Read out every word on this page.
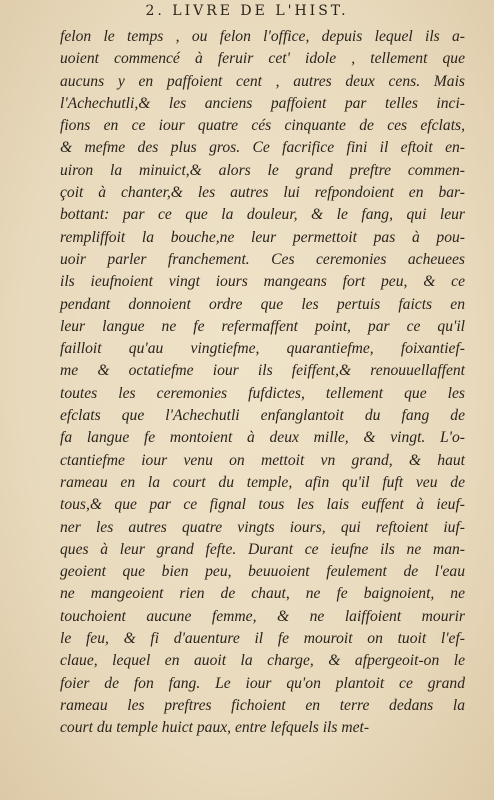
2. LIVRE DE L'HIST.
felon le temps , ou felon l'office, depuis lequel ils a-
uoient commencé à feruir cet' idole , tellement que
aucuns y en paffoient cent , autres deux cens. Mais
l'Achechutli,& les anciens paffoient par telles inci-
fions en ce iour quatre cés cinquante de ces efclats,
& mefme des plus gros. Ce facrifice fini il eftoit en-
uiron la minuict,& alors le grand preftre commen-
çoit à chanter,& les autres lui refpondoient en bar-
bottant: par ce que la douleur, & le fang, qui leur
rempliffoit la bouche,ne leur permettoit pas à pou-
uoir parler franchement. Ces ceremonies acheuees
ils ieufnoient vingt iours mangeans fort peu, & ce
pendant donnoient ordre que les pertuis faicts en
leur langue ne fe refermaffent point, par ce qu'il
failloit qu'au vingtiefme, quarantiefme, foixantief-
me & octatiefme iour ils feiffent,& renouuellaffent
toutes les ceremonies fufdictes, tellement que les
efclats que l'Achechutli enfanglantoit du fang de
fa langue fe montoient à deux mille, & vingt. L'o-
ctantiefme iour venu on mettoit vn grand, & haut
rameau en la court du temple, afin qu'il fuft veu de
tous,& que par ce fignal tous les lais euffent à ieuf-
ner les autres quatre vingts iours, qui reftoient iuf-
ques à leur grand fefte. Durant ce ieufne ils ne man-
geoient que bien peu, beuuoient feulement de l'eau
ne mangeoient rien de chaut, ne fe baignoient, ne
touchoient aucune femme, & ne laiffoient mourir
le feu, & fi d'auenture il fe mouroit on tuoit l'ef-
claue, lequel en auoit la charge, & afpergeoit-on le
foier de fon fang. Le iour qu'on plantoit ce grand
rameau les preftres fichoient en terre dedans la
court du temple huict paux, entre lefquels ils met-
